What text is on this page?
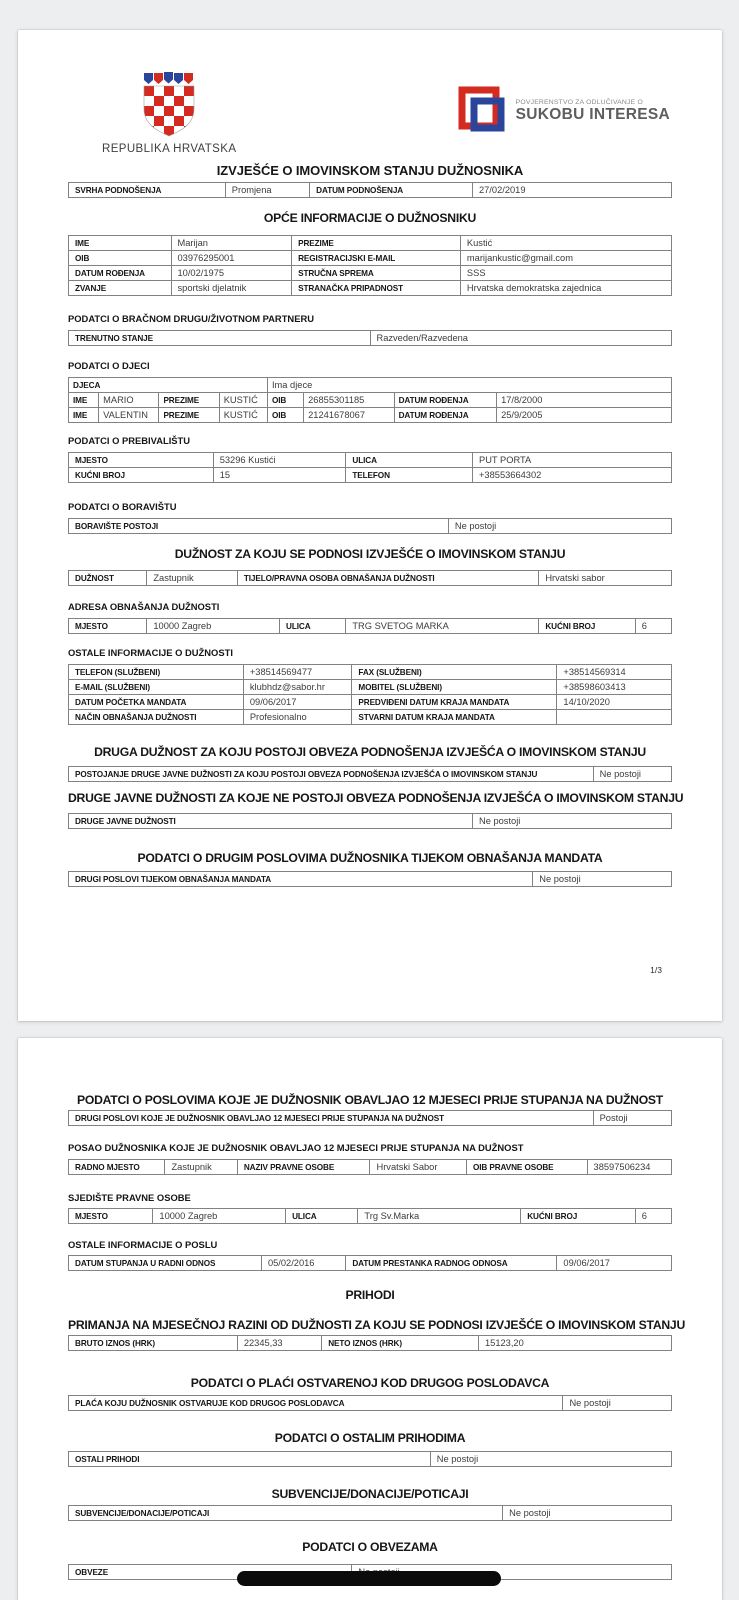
REPUBLIKA HRVATSKA
POVJERENSTVO ZA ODLUČIVANJE O
SUKOBU INTERESA
IZVJEŠĆE O IMOVINSKOM STANJU DUŽNOSNIKA
SVRHA PODNOŠENJA	Promjena	DATUM PODNOŠENJA	27/02/2019
OPĆE INFORMACIJE O DUŽNOSNIKU
IME	Marijan	PREZIME	Kustić
OIB	03976295001	REGISTRACIJSKI E-MAIL	marijankustic@gmail.com
DATUM ROĐENJA	10/02/1975	STRUČNA SPREMA	SSS
ZVANJE	sportski djelatnik	STRANAČKA PRIPADNOST	Hrvatska demokratska zajednica
PODATCI O BRAČNOM DRUGU/ŽIVOTNOM PARTNERU
TRENUTNO STANJE	Razveden/Razvedena
PODATCI O DJECI
DJECA				Ima djece			
IME	MARIO	PREZIME	KUSTIĆ	OIB	26855301185	DATUM ROĐENJA	17/8/2000
IME	VALENTIN	PREZIME	KUSTIĆ	OIB	21241678067	DATUM ROĐENJA	25/9/2005
PODATCI O PREBIVALIŠTU
MJESTO	53296 Kustići	ULICA	PUT PORTA
KUĆNI BROJ	15	TELEFON	+38553664302
PODATCI O BORAVIŠTU
BORAVIŠTE POSTOJI	Ne postoji
DUŽNOST ZA KOJU SE PODNOSI IZVJEŠĆE O IMOVINSKOM STANJU
DUŽNOST	Zastupnik	TIJELO/PRAVNA OSOBA OBNAŠANJA DUŽNOSTI	Hrvatski sabor
ADRESA OBNAŠANJA DUŽNOSTI
MJESTO	10000 Zagreb	ULICA	TRG SVETOG MARKA	KUĆNI BROJ	6
OSTALE INFORMACIJE O DUŽNOSTI
TELEFON (SLUŽBENI)	+38514569477	FAX (SLUŽBENI)	+38514569314
E-MAIL (SLUŽBENI)	klubhdz@sabor.hr	MOBITEL (SLUŽBENI)	+38598603413
DATUM POČETKA MANDATA	09/06/2017	PREDVIĐENI DATUM KRAJA MANDATA	14/10/2020
NAČIN OBNAŠANJA DUŽNOSTI	Profesionalno	STVARNI DATUM KRAJA MANDATA	
DRUGA DUŽNOST ZA KOJU POSTOJI OBVEZA PODNOŠENJA IZVJEŠĆA O IMOVINSKOM STANJU
POSTOJANJE DRUGE JAVNE DUŽNOSTI ZA KOJU POSTOJI OBVEZA PODNOŠENJA IZVJEŠĆA O IMOVINSKOM STANJU	Ne postoji
DRUGE JAVNE DUŽNOSTI ZA KOJE NE POSTOJI OBVEZA PODNOŠENJA IZVJEŠĆA O IMOVINSKOM STANJU
DRUGE JAVNE DUŽNOSTI	Ne postoji
PODATCI O DRUGIM POSLOVIMA DUŽNOSNIKA TIJEKOM OBNAŠANJA MANDATA
DRUGI POSLOVI TIJEKOM OBNAŠANJA MANDATA	Ne postoji
1/3
PODATCI O POSLOVIMA KOJE JE DUŽNOSNIK OBAVLJAO 12 MJESECI PRIJE STUPANJA NA DUŽNOST
DRUGI POSLOVI KOJE JE DUŽNOSNIK OBAVLJAO 12 MJESECI PRIJE STUPANJA NA DUŽNOST	Postoji
POSAO DUŽNOSNIKA KOJE JE DUŽNOSNIK OBAVLJAO 12 MJESECI PRIJE STUPANJA NA DUŽNOST
RADNO MJESTO	Zastupnik	NAZIV PRAVNE OSOBE	Hrvatski Sabor	OIB PRAVNE OSOBE	38597506234
SJEDIŠTE PRAVNE OSOBE
MJESTO	10000 Zagreb	ULICA	Trg Sv.Marka	KUĆNI BROJ	6
OSTALE INFORMACIJE O POSLU
DATUM STUPANJA U RADNI ODNOS	05/02/2016	DATUM PRESTANKA RADNOG ODNOSA	09/06/2017
PRIHODI
PRIMANJA NA MJESEČNOJ RAZINI OD DUŽNOSTI ZA KOJU SE PODNOSI IZVJEŠĆE O IMOVINSKOM STANJU
BRUTO IZNOS (HRK)	22345,33	NETO IZNOS (HRK)	15123,20
PODATCI O PLAĆI OSTVARENOJ KOD DRUGOG POSLODAVCA
PLAĆA KOJU DUŽNOSNIK OSTVARUJE KOD DRUGOG POSLODAVCA	Ne postoji
PODATCI O OSTALIM PRIHODIMA
OSTALI PRIHODI	Ne postoji
SUBVENCIJE/DONACIJE/POTICAJI
SUBVENCIJE/DONACIJE/POTICAJI	Ne postoji
PODATCI O OBVEZAMA
OBVEZE	
